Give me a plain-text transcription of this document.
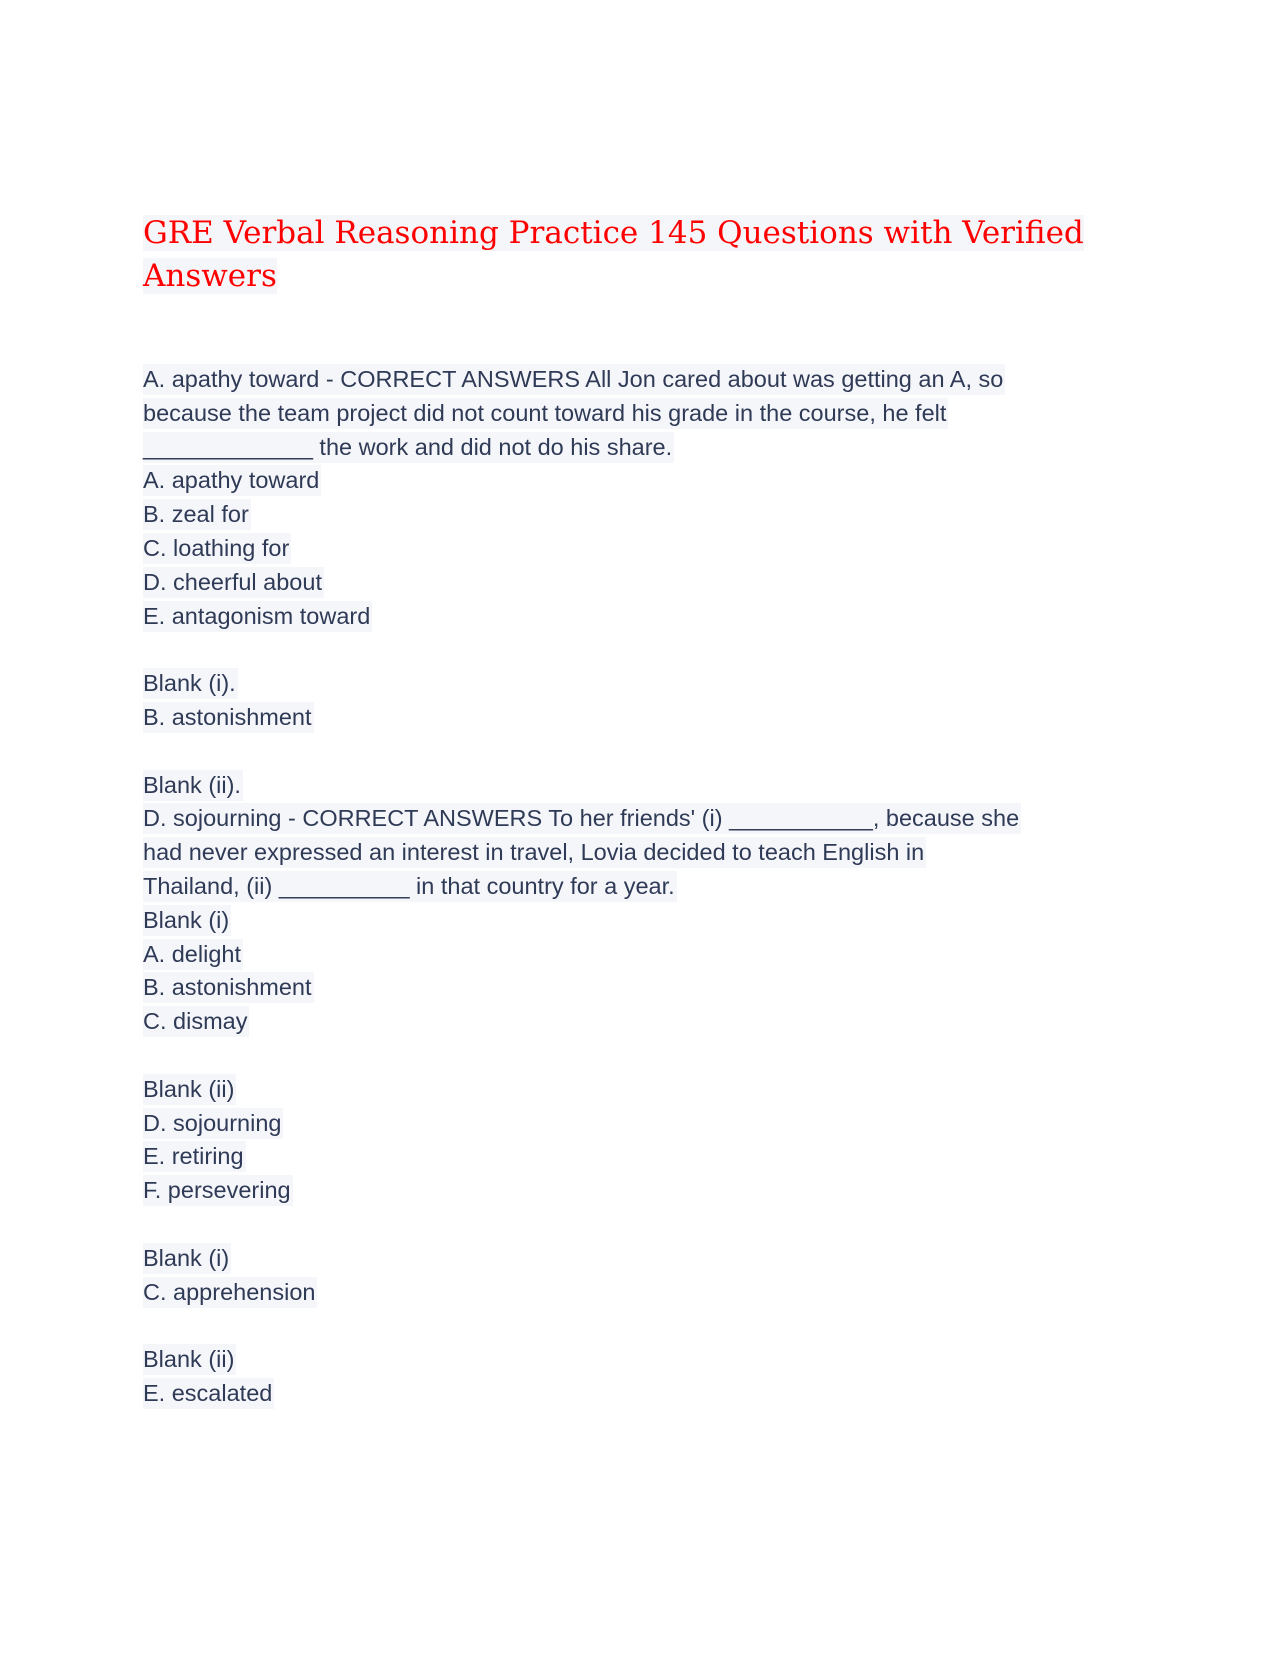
GRE Verbal Reasoning Practice 145 Questions with Verified Answers
A. apathy toward - CORRECT ANSWERS All Jon cared about was getting an A, so
because the team project did not count toward his grade in the course, he felt
_____________ the work and did not do his share.
A. apathy toward
B. zeal for
C. loathing for
D. cheerful about
E. antagonism toward
Blank (i).
B. astonishment
Blank (ii).
D. sojourning - CORRECT ANSWERS To her friends' (i) ___________, because she
had never expressed an interest in travel, Lovia decided to teach English in
Thailand, (ii) __________ in that country for a year.
Blank (i)
A. delight
B. astonishment
C. dismay
Blank (ii)
D. sojourning
E. retiring
F. persevering
Blank (i)
C. apprehension
Blank (ii)
E. escalated
